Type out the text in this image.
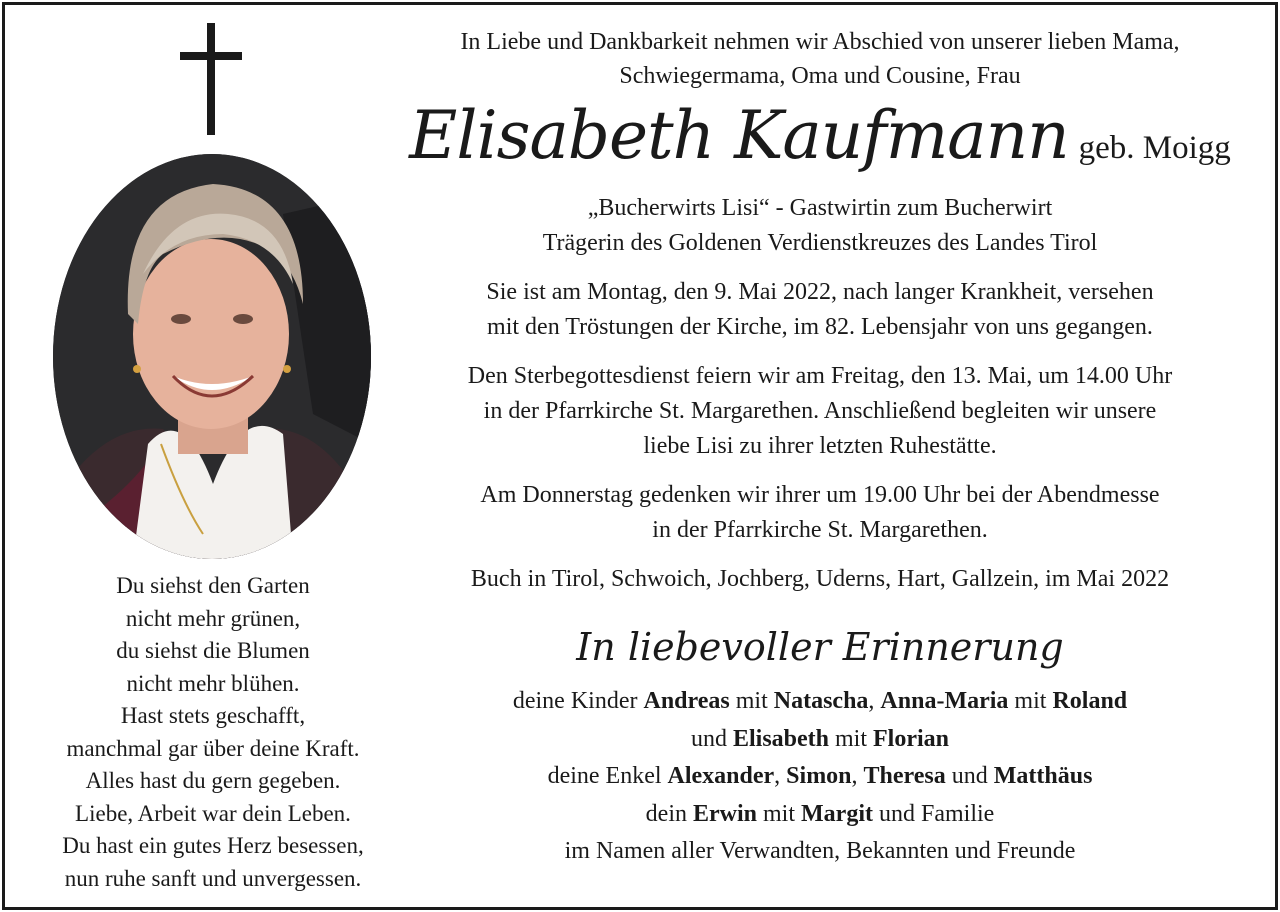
Du siehst den Garten
nicht mehr grünen,
du siehst die Blumen
nicht mehr blühen.
Hast stets geschafft,
manchmal gar über deine Kraft.
Alles hast du gern gegeben.
Liebe, Arbeit war dein Leben.
Du hast ein gutes Herz besessen,
nun ruhe sanft und unvergessen.
In Liebe und Dankbarkeit nehmen wir Abschied von unserer lieben Mama,
Schwiegermama, Oma und Cousine, Frau
Elisabeth Kaufmann geb. Moigg
„Bucherwirts Lisi“ - Gastwirtin zum Bucherwirt
Trägerin des Goldenen Verdienstkreuzes des Landes Tirol
Sie ist am Montag, den 9. Mai 2022, nach langer Krankheit, versehen
mit den Tröstungen der Kirche, im 82. Lebensjahr von uns gegangen.
Den Sterbegottesdienst feiern wir am Freitag, den 13. Mai, um 14.00 Uhr
in der Pfarrkirche St. Margarethen. Anschließend begleiten wir unsere
liebe Lisi zu ihrer letzten Ruhestätte.
Am Donnerstag gedenken wir ihrer um 19.00 Uhr bei der Abendmesse
in der Pfarrkirche St. Margarethen.
Buch in Tirol, Schwoich, Jochberg, Uderns, Hart, Gallzein, im Mai 2022
In liebevoller Erinnerung
deine Kinder Andreas mit Natascha, Anna-Maria mit Roland
und Elisabeth mit Florian
deine Enkel Alexander, Simon, Theresa und Matthäus
dein Erwin mit Margit und Familie
im Namen aller Verwandten, Bekannten und Freunde
